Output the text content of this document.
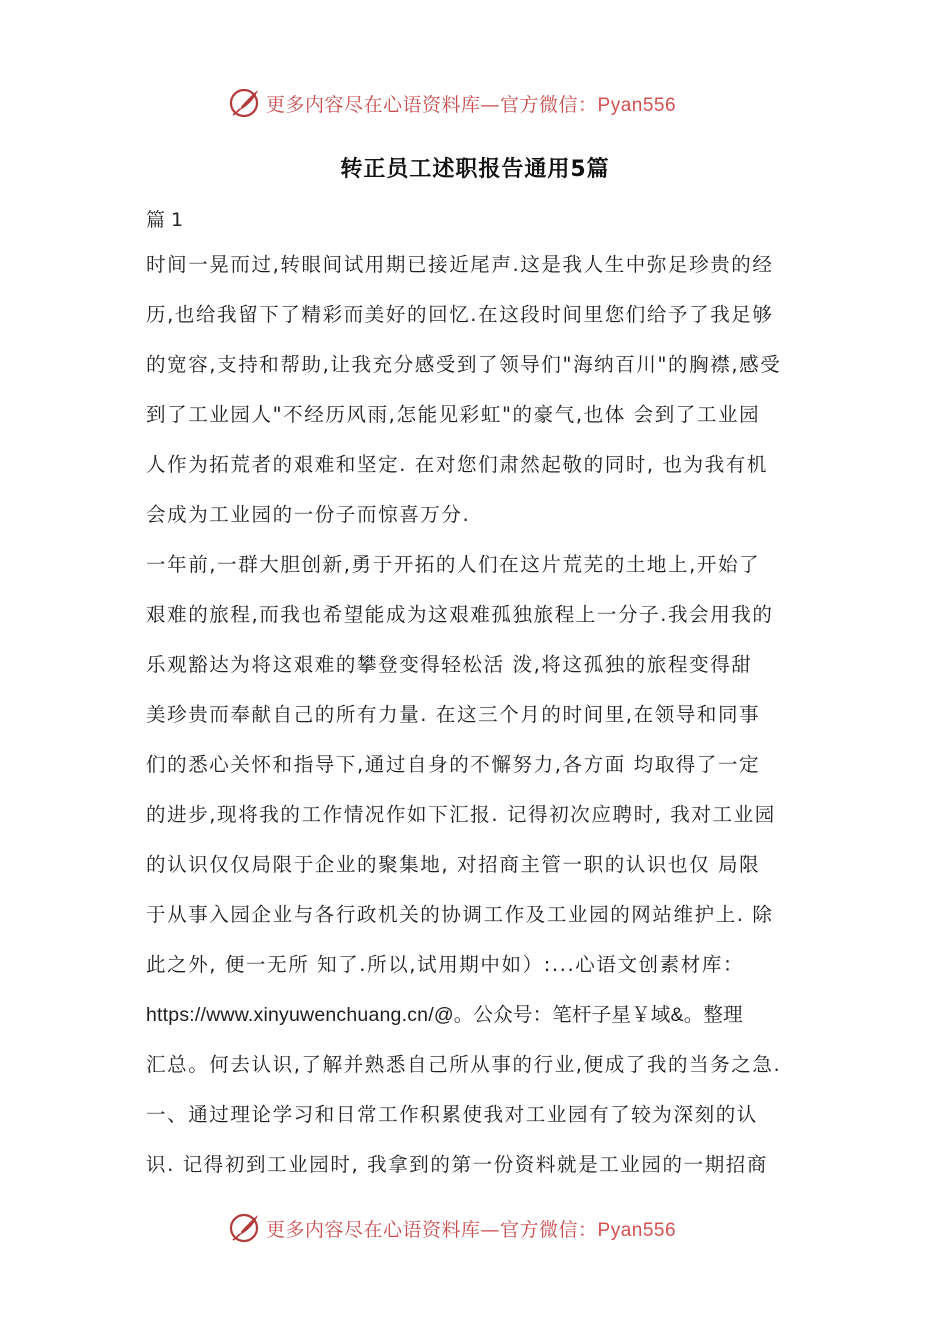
更多内容尽在心语资料库—官方微信：Pyan556
转正员工述职报告通用5篇
篇 1
时间一晃而过,转眼间试用期已接近尾声.这是我人生中弥足珍贵的经
历,也给我留下了精彩而美好的回忆.在这段时间里您们给予了我足够
的宽容,支持和帮助,让我充分感受到了领导们"海纳百川"的胸襟,感受
到了工业园人"不经历风雨,怎能见彩虹"的豪气,也体 会到了工业园
人作为拓荒者的艰难和坚定. 在对您们肃然起敬的同时, 也为我有机
会成为工业园的一份子而惊喜万分.
一年前,一群大胆创新,勇于开拓的人们在这片荒芜的土地上,开始了
艰难的旅程,而我也希望能成为这艰难孤独旅程上一分子.我会用我的
乐观豁达为将这艰难的攀登变得轻松活 泼,将这孤独的旅程变得甜
美珍贵而奉献自己的所有力量. 在这三个月的时间里,在领导和同事
们的悉心关怀和指导下,通过自身的不懈努力,各方面 均取得了一定
的进步,现将我的工作情况作如下汇报. 记得初次应聘时, 我对工业园
的认识仅仅局限于企业的聚集地, 对招商主管一职的认识也仅 局限
于从事入园企业与各行政机关的协调工作及工业园的网站维护上. 除
此之外, 便一无所 知了.所以,试用期中如）:...心语文创素材库：
https://www.xinyuwenchuang.cn/@。公众号：笔杆子星￥域&。整理
汇总。何去认识,了解并熟悉自己所从事的行业,便成了我的当务之急.
一、通过理论学习和日常工作积累使我对工业园有了较为深刻的认
识. 记得初到工业园时, 我拿到的第一份资料就是工业园的一期招商
更多内容尽在心语资料库—官方微信：Pyan556
